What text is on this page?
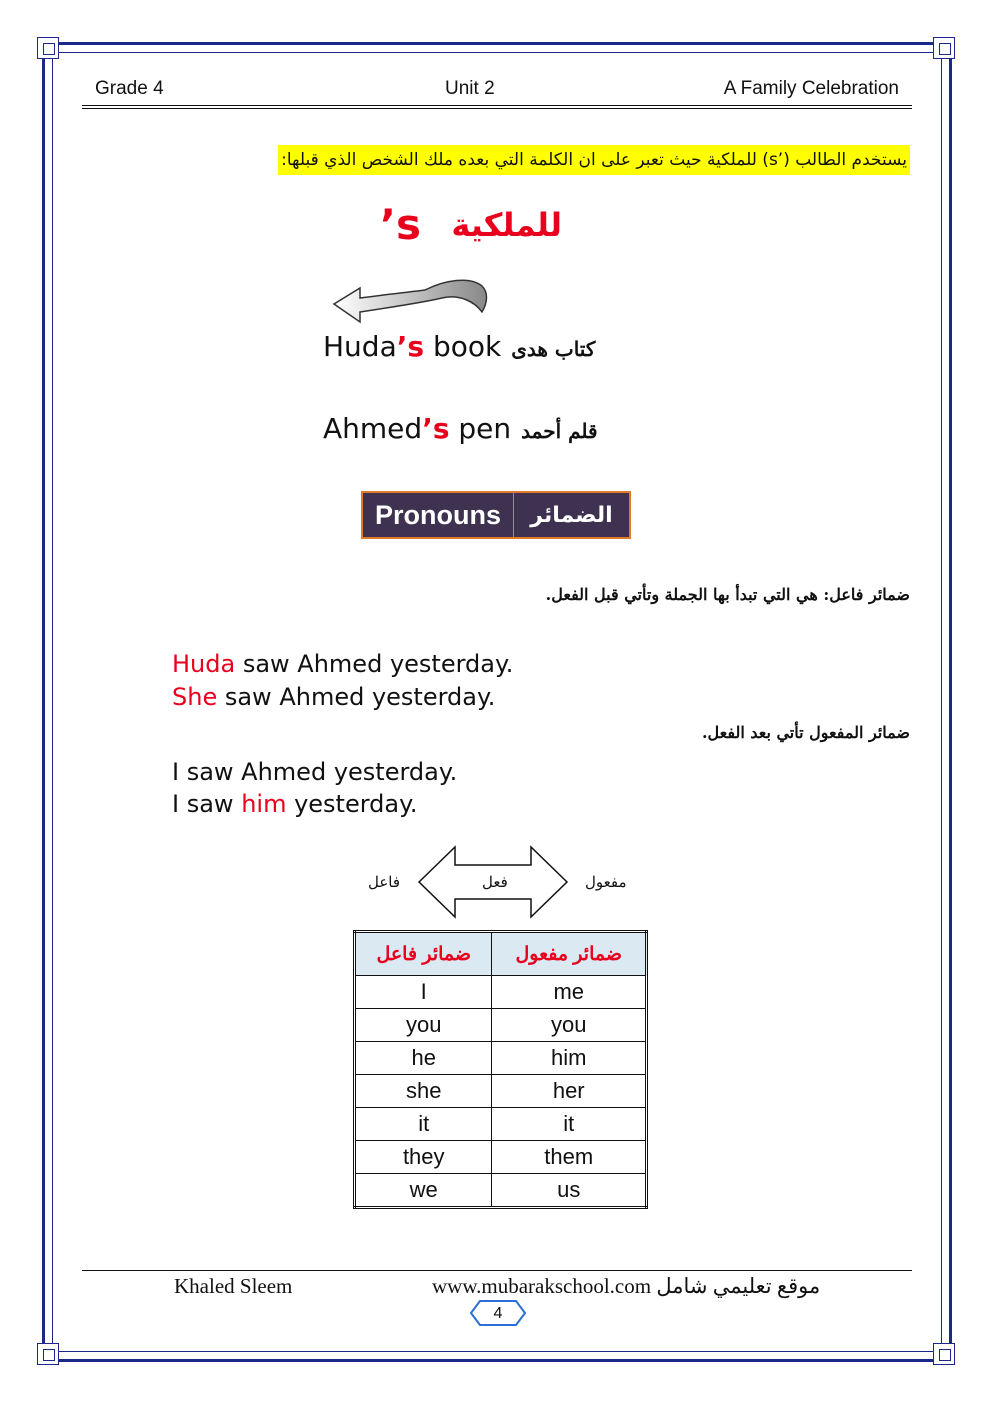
Grade 4	Unit 2	A Family Celebration
يستخدم الطالب (’s) للملكية حيث تعبر على ان الكلمة التي بعده ملك الشخص الذي قبلها:
للملكية
’s
Huda’s book كتاب هدى
Ahmed’s pen قلم أحمد
Pronouns	الضمائر
ضمائر فاعل: هي التي تبدأ بها الجملة وتأتي قبل الفعل.
Huda saw Ahmed yesterday.
She saw Ahmed yesterday.
ضمائر المفعول تأتي بعد الفعل.
I saw Ahmed yesterday.
I saw him yesterday.
فاعل	فعل	مفعول
ضمائر فاعل	ضمائر مفعول
I	me
you	you
he	him
she	her
it	it
they	them
we	us
Khaled Sleem	www.mubarakschool.com موقع تعليمي شامل
4
